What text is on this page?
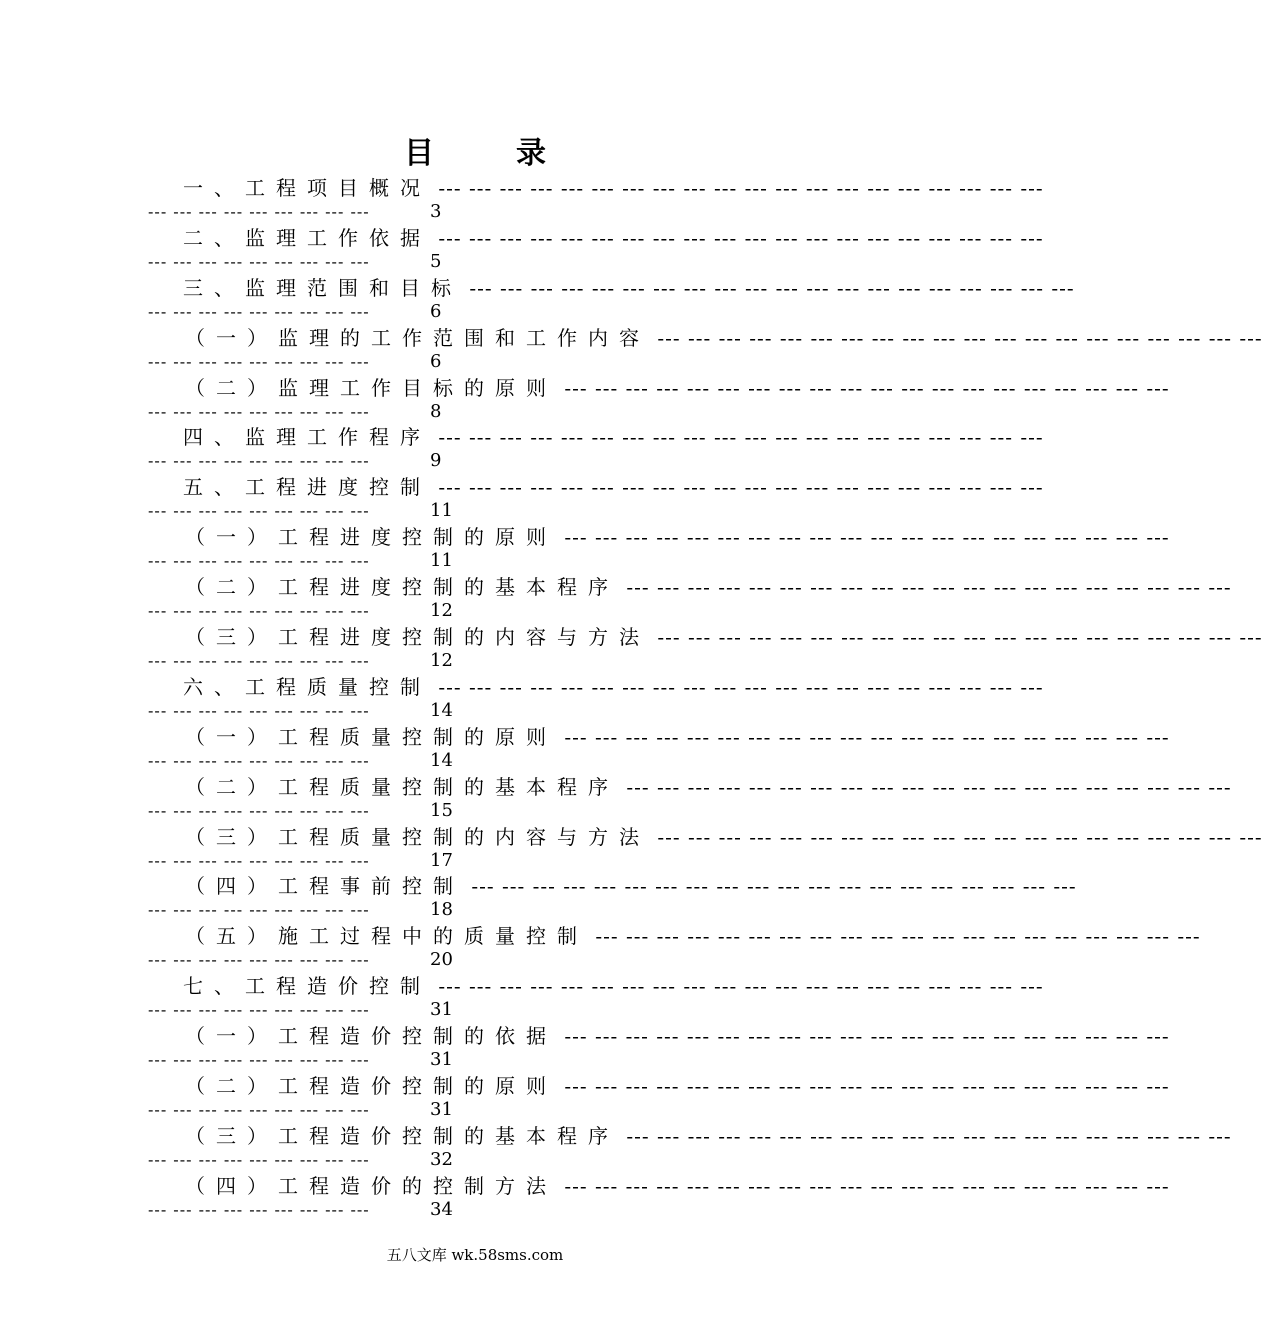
目	录
一、工程项目概况 --- --- --- --- --- --- --- --- --- --- --- --- --- --- --- --- --- --- --- ---
--- --- --- --- --- --- --- --- ---	3
二、监理工作依据 --- --- --- --- --- --- --- --- --- --- --- --- --- --- --- --- --- --- --- ---
--- --- --- --- --- --- --- --- ---	5
三、监理范围和目标 --- --- --- --- --- --- --- --- --- --- --- --- --- --- --- --- --- --- --- ---
--- --- --- --- --- --- --- --- ---	6
（一）监理的工作范围和工作内容 --- --- --- --- --- --- --- --- --- --- --- --- --- --- --- --- --- --- --- ---
--- --- --- --- --- --- --- --- ---	6
（二）监理工作目标的原则 --- --- --- --- --- --- --- --- --- --- --- --- --- --- --- --- --- --- --- ---
--- --- --- --- --- --- --- --- ---	8
四、监理工作程序 --- --- --- --- --- --- --- --- --- --- --- --- --- --- --- --- --- --- --- ---
--- --- --- --- --- --- --- --- ---	9
五、工程进度控制 --- --- --- --- --- --- --- --- --- --- --- --- --- --- --- --- --- --- --- ---
--- --- --- --- --- --- --- --- ---	11
（一）工程进度控制的原则 --- --- --- --- --- --- --- --- --- --- --- --- --- --- --- --- --- --- --- ---
--- --- --- --- --- --- --- --- ---	11
（二）工程进度控制的基本程序 --- --- --- --- --- --- --- --- --- --- --- --- --- --- --- --- --- --- --- ---
--- --- --- --- --- --- --- --- ---	12
（三）工程进度控制的内容与方法 --- --- --- --- --- --- --- --- --- --- --- --- --- --- --- --- --- --- --- ---
--- --- --- --- --- --- --- --- ---	12
六、工程质量控制 --- --- --- --- --- --- --- --- --- --- --- --- --- --- --- --- --- --- --- ---
--- --- --- --- --- --- --- --- ---	14
（一）工程质量控制的原则 --- --- --- --- --- --- --- --- --- --- --- --- --- --- --- --- --- --- --- ---
--- --- --- --- --- --- --- --- ---	14
（二）工程质量控制的基本程序 --- --- --- --- --- --- --- --- --- --- --- --- --- --- --- --- --- --- --- ---
--- --- --- --- --- --- --- --- ---	15
（三）工程质量控制的内容与方法 --- --- --- --- --- --- --- --- --- --- --- --- --- --- --- --- --- --- --- ---
--- --- --- --- --- --- --- --- ---	17
（四）工程事前控制 --- --- --- --- --- --- --- --- --- --- --- --- --- --- --- --- --- --- --- ---
--- --- --- --- --- --- --- --- ---	18
（五）施工过程中的质量控制 --- --- --- --- --- --- --- --- --- --- --- --- --- --- --- --- --- --- --- ---
--- --- --- --- --- --- --- --- ---	20
七、工程造价控制 --- --- --- --- --- --- --- --- --- --- --- --- --- --- --- --- --- --- --- ---
--- --- --- --- --- --- --- --- ---	31
（一）工程造价控制的依据 --- --- --- --- --- --- --- --- --- --- --- --- --- --- --- --- --- --- --- ---
--- --- --- --- --- --- --- --- ---	31
（二）工程造价控制的原则 --- --- --- --- --- --- --- --- --- --- --- --- --- --- --- --- --- --- --- ---
--- --- --- --- --- --- --- --- ---	31
（三）工程造价控制的基本程序 --- --- --- --- --- --- --- --- --- --- --- --- --- --- --- --- --- --- --- ---
--- --- --- --- --- --- --- --- ---	32
（四）工程造价的控制方法 --- --- --- --- --- --- --- --- --- --- --- --- --- --- --- --- --- --- --- ---
--- --- --- --- --- --- --- --- ---	34
五八文库 wk.58sms.com
